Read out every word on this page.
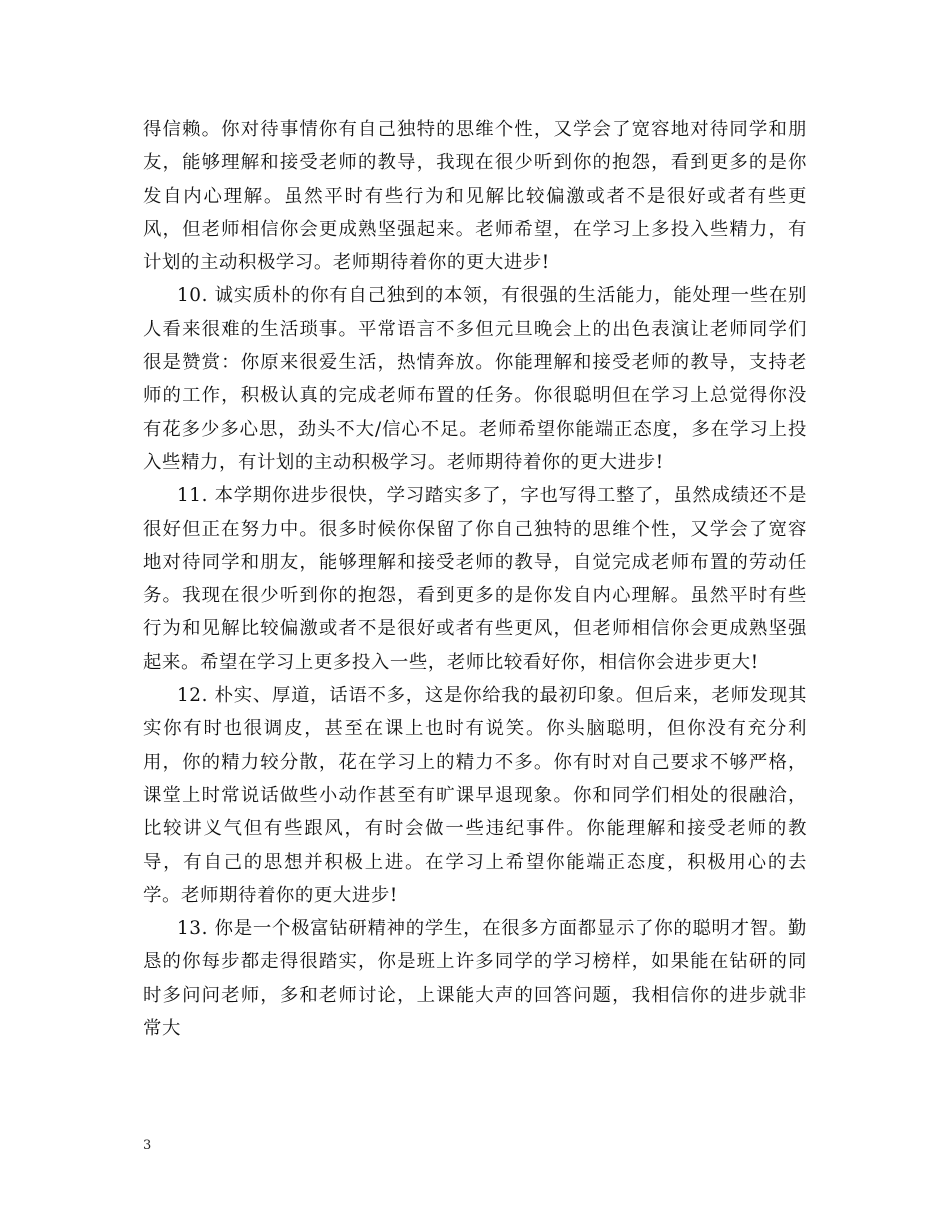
得信赖。你对待事情你有自己独特的思维个性，又学会了宽容地对待同学和朋友，能够理解和接受老师的教导，我现在很少听到你的抱怨，看到更多的是你发自内心理解。虽然平时有些行为和见解比较偏激或者不是很好或者有些更风，但老师相信你会更成熟坚强起来。老师希望，在学习上多投入些精力，有计划的主动积极学习。老师期待着你的更大进步!

10. 诚实质朴的你有自己独到的本领，有很强的生活能力，能处理一些在别人看来很难的生活琐事。平常语言不多但元旦晚会上的出色表演让老师同学们很是赞赏：你原来很爱生活，热情奔放。你能理解和接受老师的教导，支持老师的工作，积极认真的完成老师布置的任务。你很聪明但在学习上总觉得你没有花多少多心思，劲头不大/信心不足。老师希望你能端正态度，多在学习上投入些精力，有计划的主动积极学习。老师期待着你的更大进步!

11. 本学期你进步很快，学习踏实多了，字也写得工整了，虽然成绩还不是很好但正在努力中。很多时候你保留了你自己独特的思维个性，又学会了宽容地对待同学和朋友，能够理解和接受老师的教导，自觉完成老师布置的劳动任务。我现在很少听到你的抱怨，看到更多的是你发自内心理解。虽然平时有些行为和见解比较偏激或者不是很好或者有些更风，但老师相信你会更成熟坚强起来。希望在学习上更多投入一些，老师比较看好你，相信你会进步更大!

12. 朴实、厚道，话语不多，这是你给我的最初印象。但后来，老师发现其实你有时也很调皮，甚至在课上也时有说笑。你头脑聪明，但你没有充分利用，你的精力较分散，花在学习上的精力不多。你有时对自己要求不够严格，课堂上时常说话做些小动作甚至有旷课早退现象。你和同学们相处的很融洽，比较讲义气但有些跟风，有时会做一些违纪事件。你能理解和接受老师的教导，有自己的思想并积极上进。在学习上希望你能端正态度，积极用心的去学。老师期待着你的更大进步!

13. 你是一个极富钻研精神的学生，在很多方面都显示了你的聪明才智。勤恳的你每步都走得很踏实，你是班上许多同学的学习榜样，如果能在钻研的同时多问问老师，多和老师讨论，上课能大声的回答问题，我相信你的进步就非常大

3
